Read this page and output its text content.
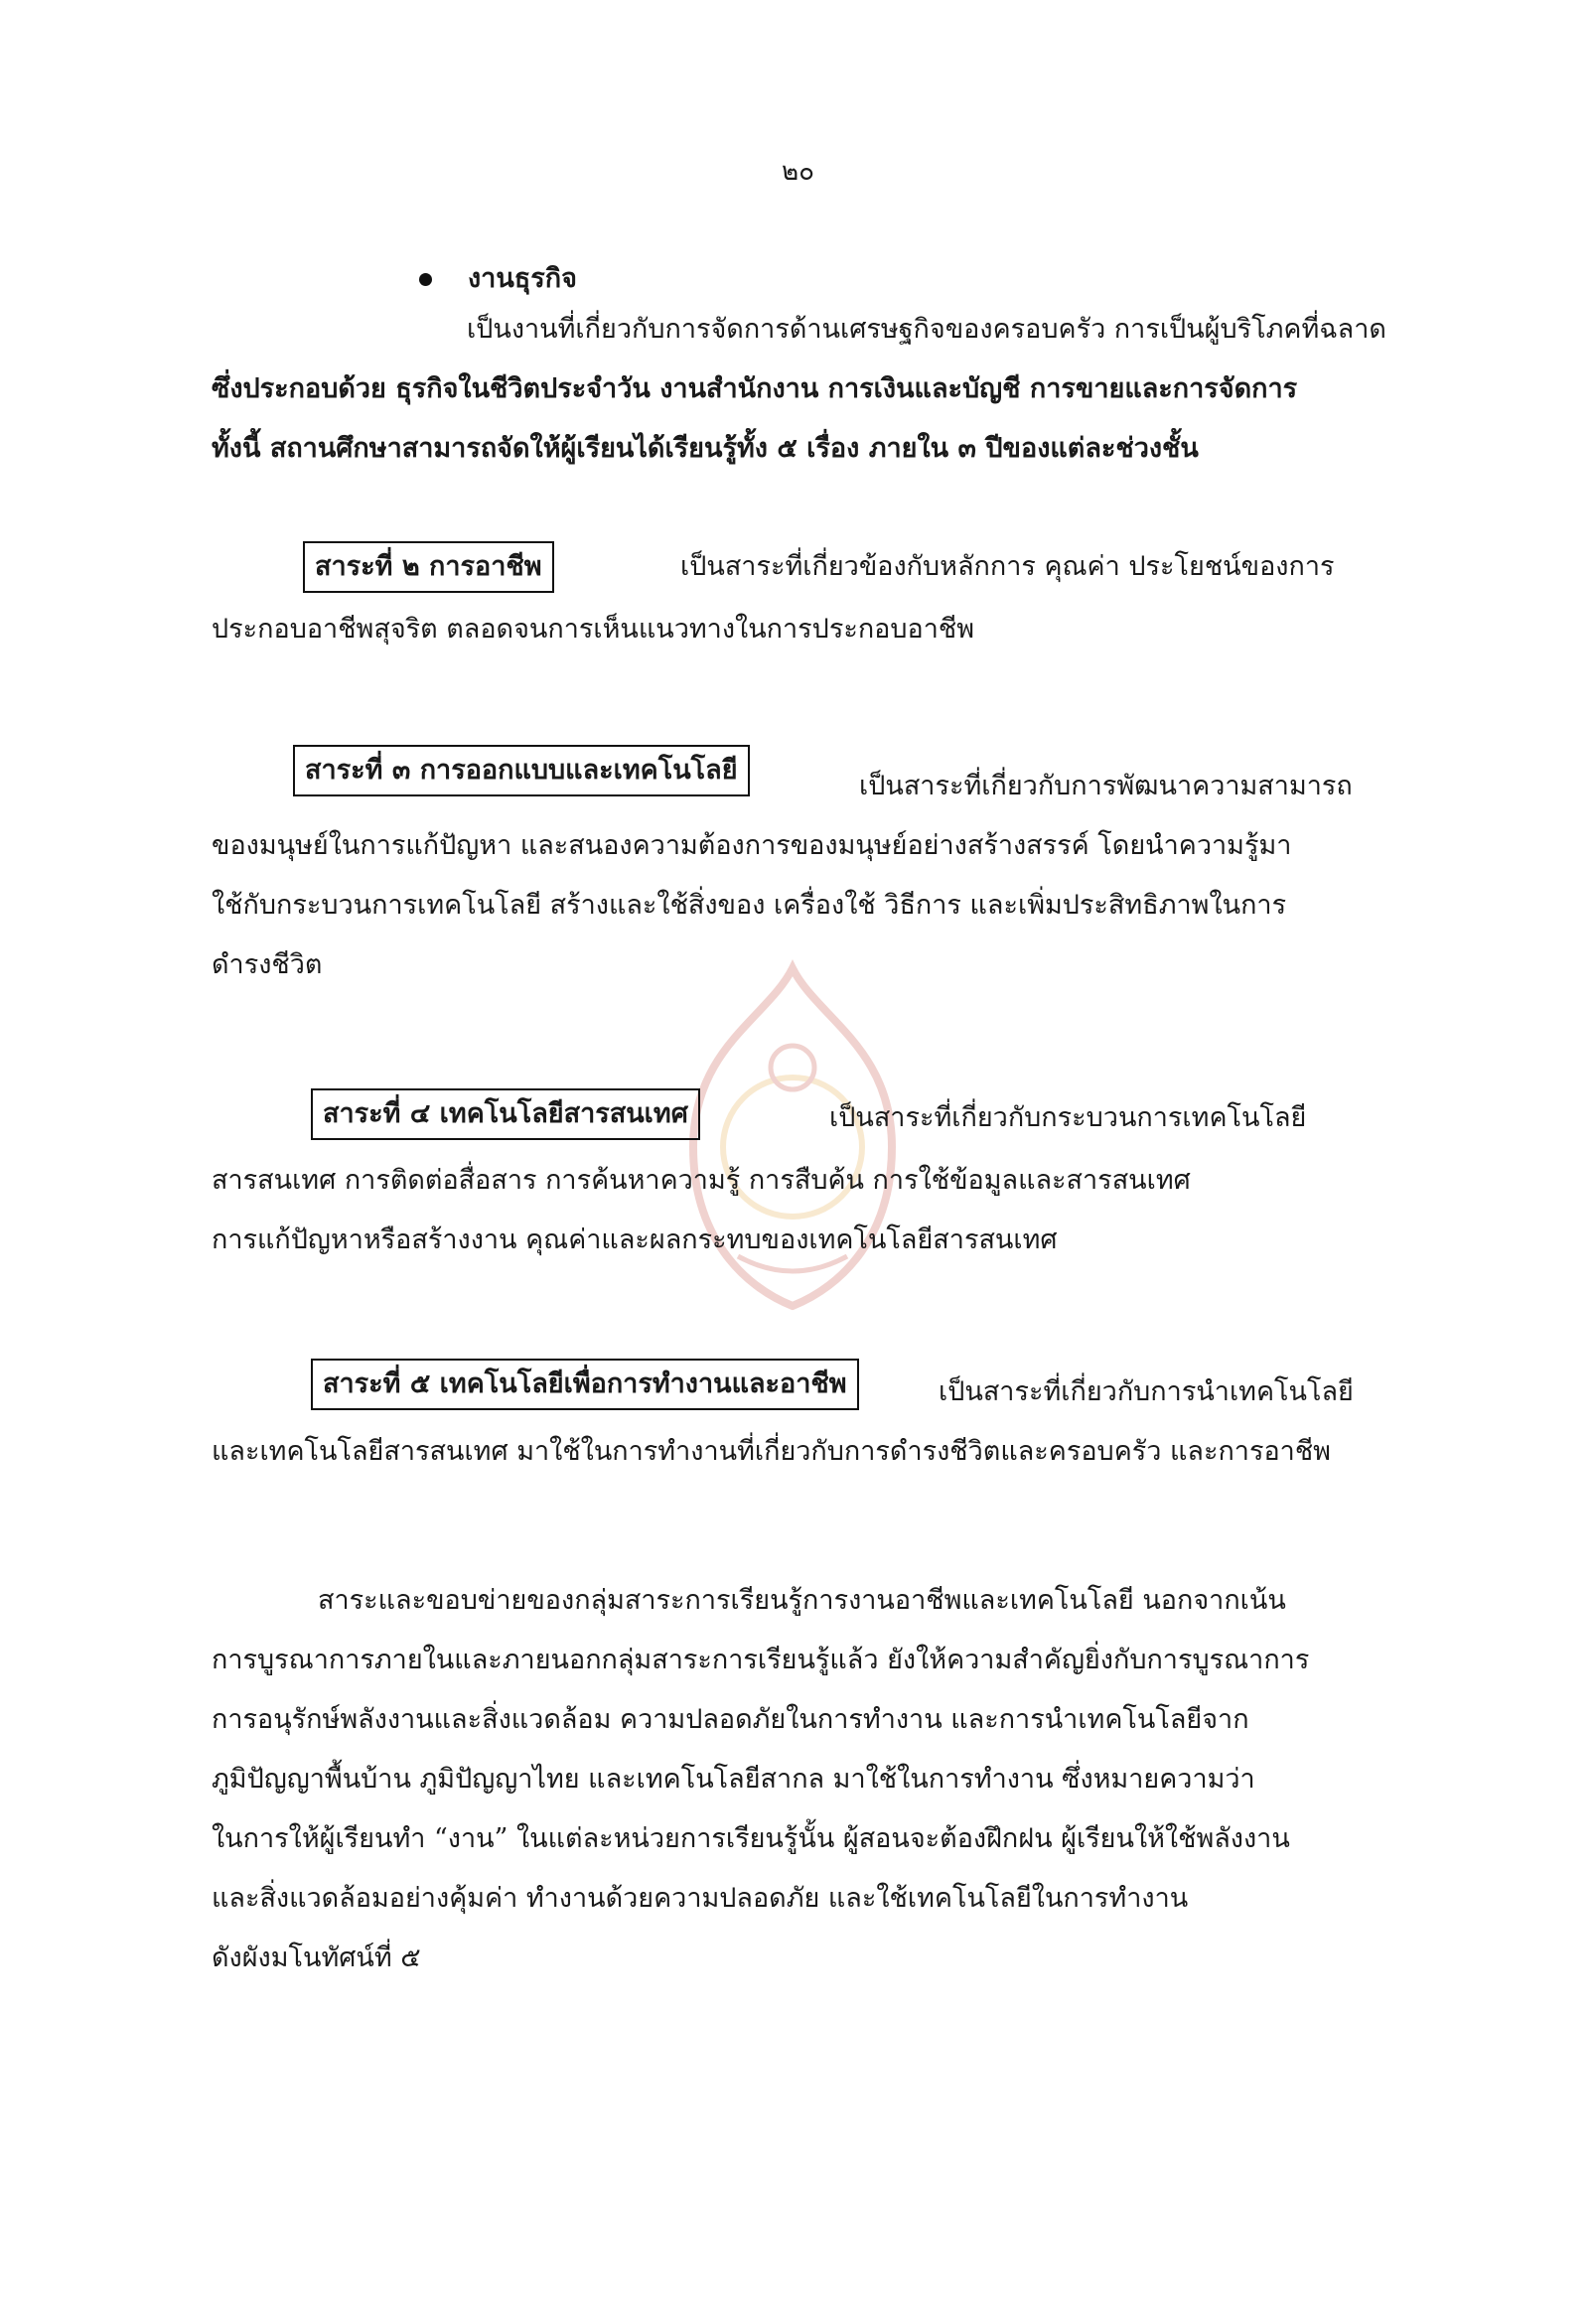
๒๐
งานธุรกิจ
เป็นงานที่เกี่ยวกับการจัดการด้านเศรษฐกิจของครอบครัว การเป็นผู้บริโภคที่ฉลาด
ซึ่งประกอบด้วย ธุรกิจในชีวิตประจำวัน งานสำนักงาน การเงินและบัญชี การขายและการจัดการ
ทั้งนี้ สถานศึกษาสามารถจัดให้ผู้เรียนได้เรียนรู้ทั้ง ๕ เรื่อง ภายใน ๓ ปีของแต่ละช่วงชั้น
สาระที่ ๒ การอาชีพ	เป็นสาระที่เกี่ยวข้องกับหลักการ คุณค่า ประโยชน์ของการ
ประกอบอาชีพสุจริต ตลอดจนการเห็นแนวทางในการประกอบอาชีพ
สาระที่ ๓ การออกแบบและเทคโนโลยี
เป็นสาระที่เกี่ยวกับการพัฒนาความสามารถ
ของมนุษย์ในการแก้ปัญหา และสนองความต้องการของมนุษย์อย่างสร้างสรรค์ โดยนำความรู้มา
ใช้กับกระบวนการเทคโนโลยี สร้างและใช้สิ่งของ เครื่องใช้ วิธีการ และเพิ่มประสิทธิภาพในการ
ดำรงชีวิต
สาระที่ ๔ เทคโนโลยีสารสนเทศ	เป็นสาระที่เกี่ยวกับกระบวนการเทคโนโลยี
สารสนเทศ การติดต่อสื่อสาร การค้นหาความรู้ การสืบค้น การใช้ข้อมูลและสารสนเทศ
การแก้ปัญหาหรือสร้างงาน คุณค่าและผลกระทบของเทคโนโลยีสารสนเทศ
สาระที่ ๕ เทคโนโลยีเพื่อการทำงานและอาชีพ	เป็นสาระที่เกี่ยวกับการนำเทคโนโลยี
และเทคโนโลยีสารสนเทศ มาใช้ในการทำงานที่เกี่ยวกับการดำรงชีวิตและครอบครัว และการอาชีพ
สาระและขอบข่ายของกลุ่มสาระการเรียนรู้การงานอาชีพและเทคโนโลยี นอกจากเน้น
การบูรณาการภายในและภายนอกกลุ่มสาระการเรียนรู้แล้ว ยังให้ความสำคัญยิ่งกับการบูรณาการ
การอนุรักษ์พลังงานและสิ่งแวดล้อม ความปลอดภัยในการทำงาน และการนำเทคโนโลยีจาก
ภูมิปัญญาพื้นบ้าน ภูมิปัญญาไทย และเทคโนโลยีสากล มาใช้ในการทำงาน ซึ่งหมายความว่า
ในการให้ผู้เรียนทำ “งาน” ในแต่ละหน่วยการเรียนรู้นั้น ผู้สอนจะต้องฝึกฝน ผู้เรียนให้ใช้พลังงาน
และสิ่งแวดล้อมอย่างคุ้มค่า ทำงานด้วยความปลอดภัย และใช้เทคโนโลยีในการทำงาน
ดังผังมโนทัศน์ที่ ๕
